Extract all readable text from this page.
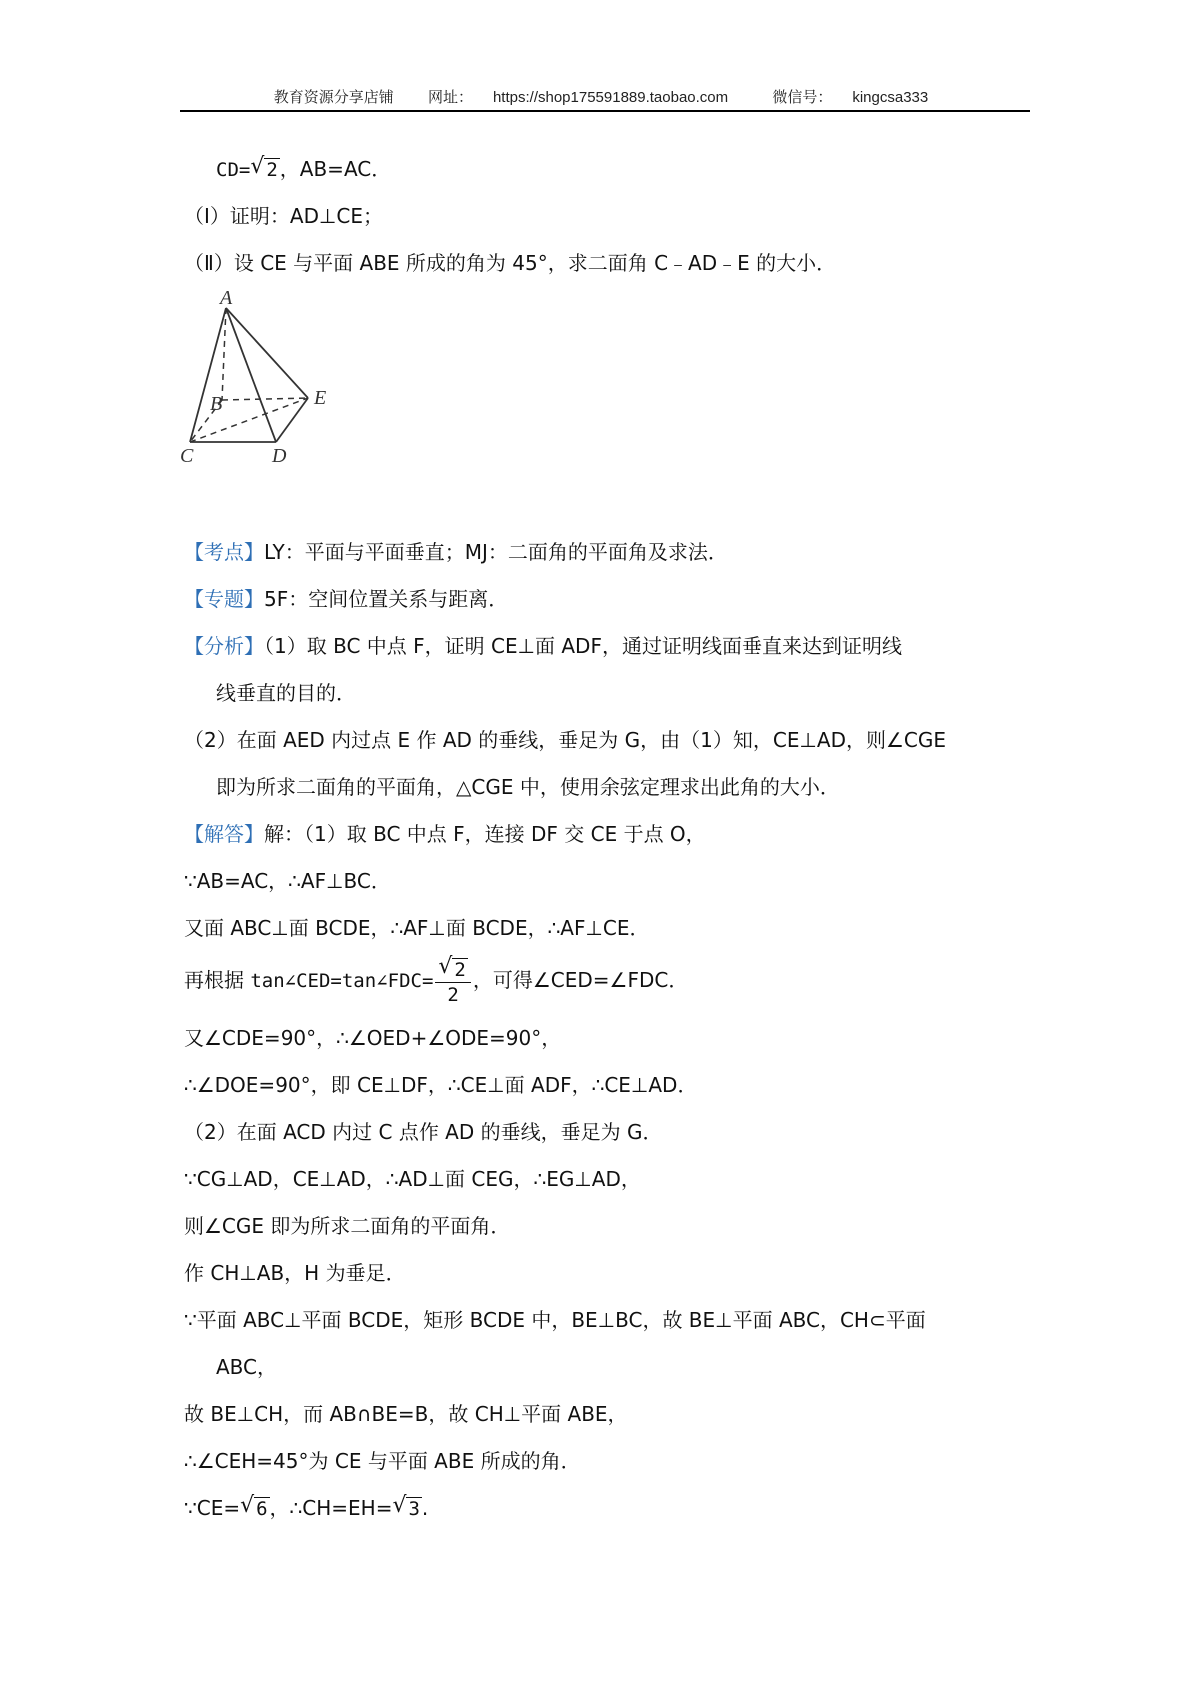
教育资源分享店铺 网址： https://shop175591889.taobao.com	微信号： kingcsa333
CD= √ 2 ，AB=AC．
（Ⅰ）证明：AD⊥CE；
（Ⅱ）设 CE 与平面 ABE 所成的角为 45°，求二面角 C﹣AD﹣E 的大小．
A
B
C	D
E
【考点】LY：平面与平面垂直；MJ：二面角的平面角及求法．
【专题】5F：空间位置关系与距离．
【分析】（1）取 BC 中点 F，证明 CE⊥面 ADF，通过证明线面垂直来达到证明线
线垂直的目的．
（2）在面 AED 内过点 E 作 AD 的垂线，垂足为 G，由（1）知，CE⊥AD，则∠CGE
即为所求二面角的平面角，△CGE 中，使用余弦定理求出此角的大小．
【解答】解：（1）取 BC 中点 F，连接 DF 交 CE 于点 O，
∵AB=AC，∴AF⊥BC．
又面 ABC⊥面 BCDE，∴AF⊥面 BCDE，∴AF⊥CE．
再根据 tan∠CED=tan∠FDC= √ $\frac{2}{2}$ ，可得∠CED=∠FDC．
又∠CDE=90°，∴∠OED+∠ODE=90°，
∴∠DOE=90°，即 CE⊥DF，∴CE⊥面 ADF，∴CE⊥AD．
（2）在面 ACD 内过 C 点作 AD 的垂线，垂足为 G．
∵CG⊥AD，CE⊥AD，∴AD⊥面 CEG，∴EG⊥AD，
则∠CGE 即为所求二面角的平面角．
作 CH⊥AB，H 为垂足．
∵平面 ABC⊥平面 BCDE，矩形 BCDE 中，BE⊥BC，故 BE⊥平面 ABC，CH⊂平面
ABC，
故 BE⊥CH，而 AB∩BE=B，故 CH⊥平面 ABE，
∴∠CEH=45°为 CE 与平面 ABE 所成的角．
∵CE= √ 6 ，∴CH=EH= √ 3 .
